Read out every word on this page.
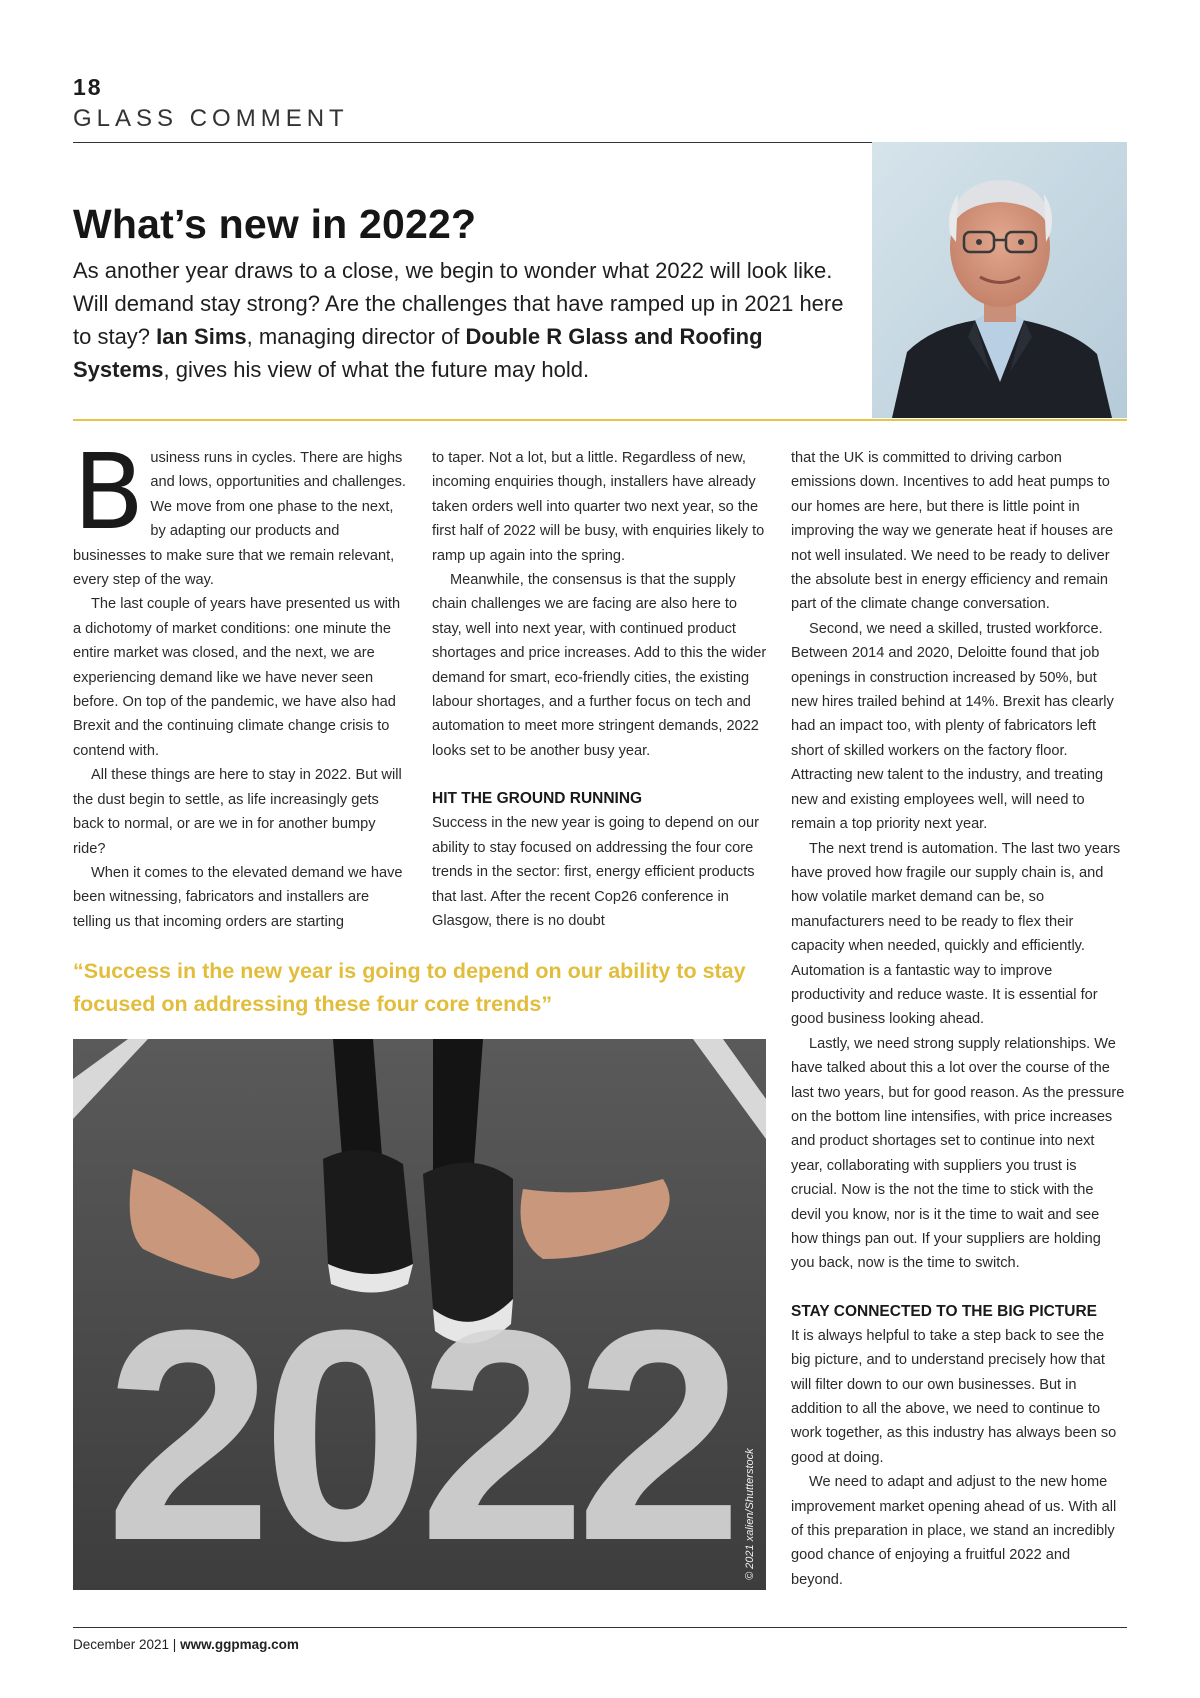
18
GLASS COMMENT
What’s new in 2022?

As another year draws to a close, we begin to wonder what 2022 will look like. Will demand stay strong? Are the challenges that have ramped up in 2021 here to stay? Ian Sims, managing director of Double R Glass and Roofing Systems, gives his view of what the future may hold.

Business runs in cycles. There are highs and lows, opportunities and challenges. We move from one phase to the next, by adapting our products and businesses to make sure that we remain relevant, every step of the way.

The last couple of years have presented us with a dichotomy of market conditions: one minute the entire market was closed, and the next, we are experiencing demand like we have never seen before. On top of the pandemic, we have also had Brexit and the continuing climate change crisis to contend with.

All these things are here to stay in 2022. But will the dust begin to settle, as life increasingly gets back to normal, or are we in for another bumpy ride?

When it comes to the elevated demand we have been witnessing, fabricators and installers are telling us that incoming orders are starting

to taper. Not a lot, but a little. Regardless of new, incoming enquiries though, installers have already taken orders well into quarter two next year, so the first half of 2022 will be busy, with enquiries likely to ramp up again into the spring.

Meanwhile, the consensus is that the supply chain challenges we are facing are also here to stay, well into next year, with continued product shortages and price increases. Add to this the wider demand for smart, eco-friendly cities, the existing labour shortages, and a further focus on tech and automation to meet more stringent demands, 2022 looks set to be another busy year.

HIT THE GROUND RUNNING

Success in the new year is going to depend on our ability to stay focused on addressing the four core trends in the sector: first, energy efficient products that last. After the recent Cop26 conference in Glasgow, there is no doubt

that the UK is committed to driving carbon emissions down. Incentives to add heat pumps to our homes are here, but there is little point in improving the way we generate heat if houses are not well insulated. We need to be ready to deliver the absolute best in energy efficiency and remain part of the climate change conversation.

Second, we need a skilled, trusted workforce. Between 2014 and 2020, Deloitte found that job openings in construction increased by 50%, but new hires trailed behind at 14%. Brexit has clearly had an impact too, with plenty of fabricators left short of skilled workers on the factory floor. Attracting new talent to the industry, and treating new and existing employees well, will need to remain a top priority next year.

The next trend is automation. The last two years have proved how fragile our supply chain is, and how volatile market demand can be, so manufacturers need to be ready to flex their capacity when needed, quickly and efficiently. Automation is a fantastic way to improve productivity and reduce waste. It is essential for good business looking ahead.

Lastly, we need strong supply relationships. We have talked about this a lot over the course of the last two years, but for good reason. As the pressure on the bottom line intensifies, with price increases and product shortages set to continue into next year, collaborating with suppliers you trust is crucial. Now is the not the time to stick with the devil you know, nor is it the time to wait and see how things pan out. If your suppliers are holding you back, now is the time to switch.

STAY CONNECTED TO THE BIG PICTURE

It is always helpful to take a step back to see the big picture, and to understand precisely how that will filter down to our own businesses. But in addition to all the above, we need to continue to work together, as this industry has always been so good at doing.

We need to adapt and adjust to the new home improvement market opening ahead of us. With all of this preparation in place, we stand an incredibly good chance of enjoying a fruitful 2022 and beyond.

“Success in the new year is going to depend on our ability to stay focused on addressing these four core trends”

2022 © 2021 xalien/Shutterstock
December 2021 | www.ggpmag.com
